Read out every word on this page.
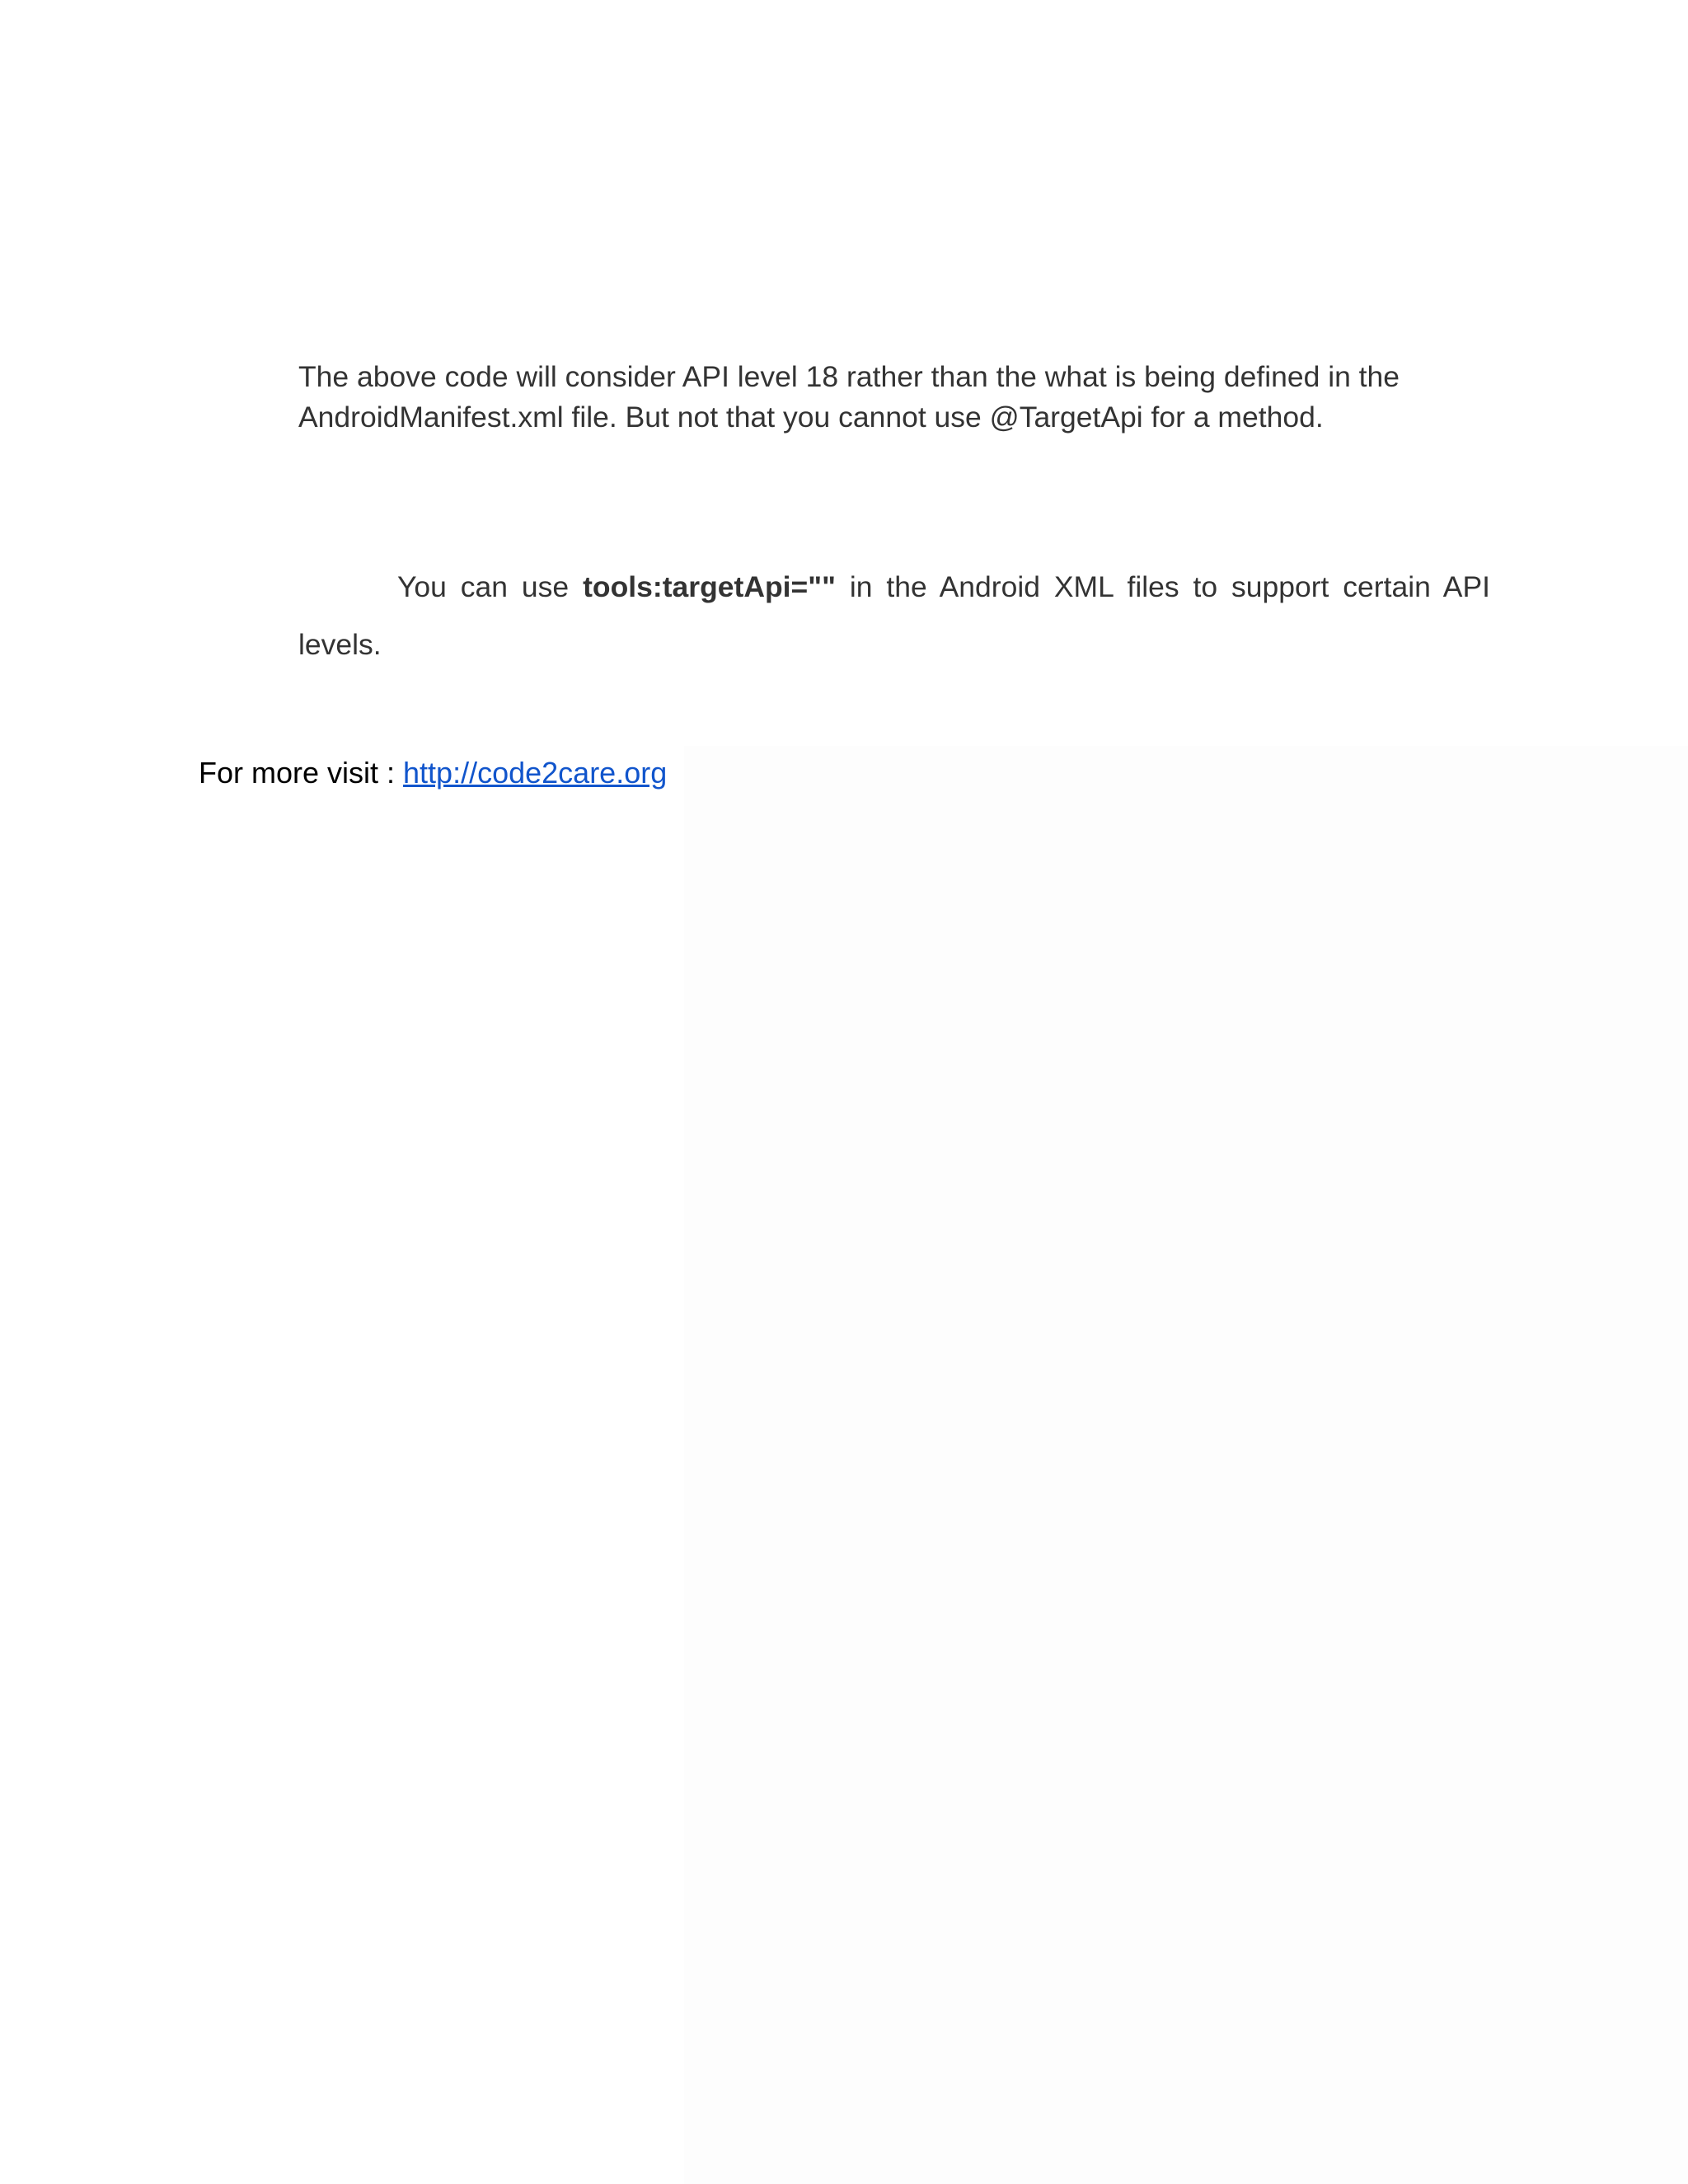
The above code will consider API level 18 rather than the what is being defined in the AndroidManifest.xml file. But not that you cannot use @TargetApi for a method.

You can use tools:targetApi="" in the Android XML files to support certain API levels.

For more visit : http://code2care.org
